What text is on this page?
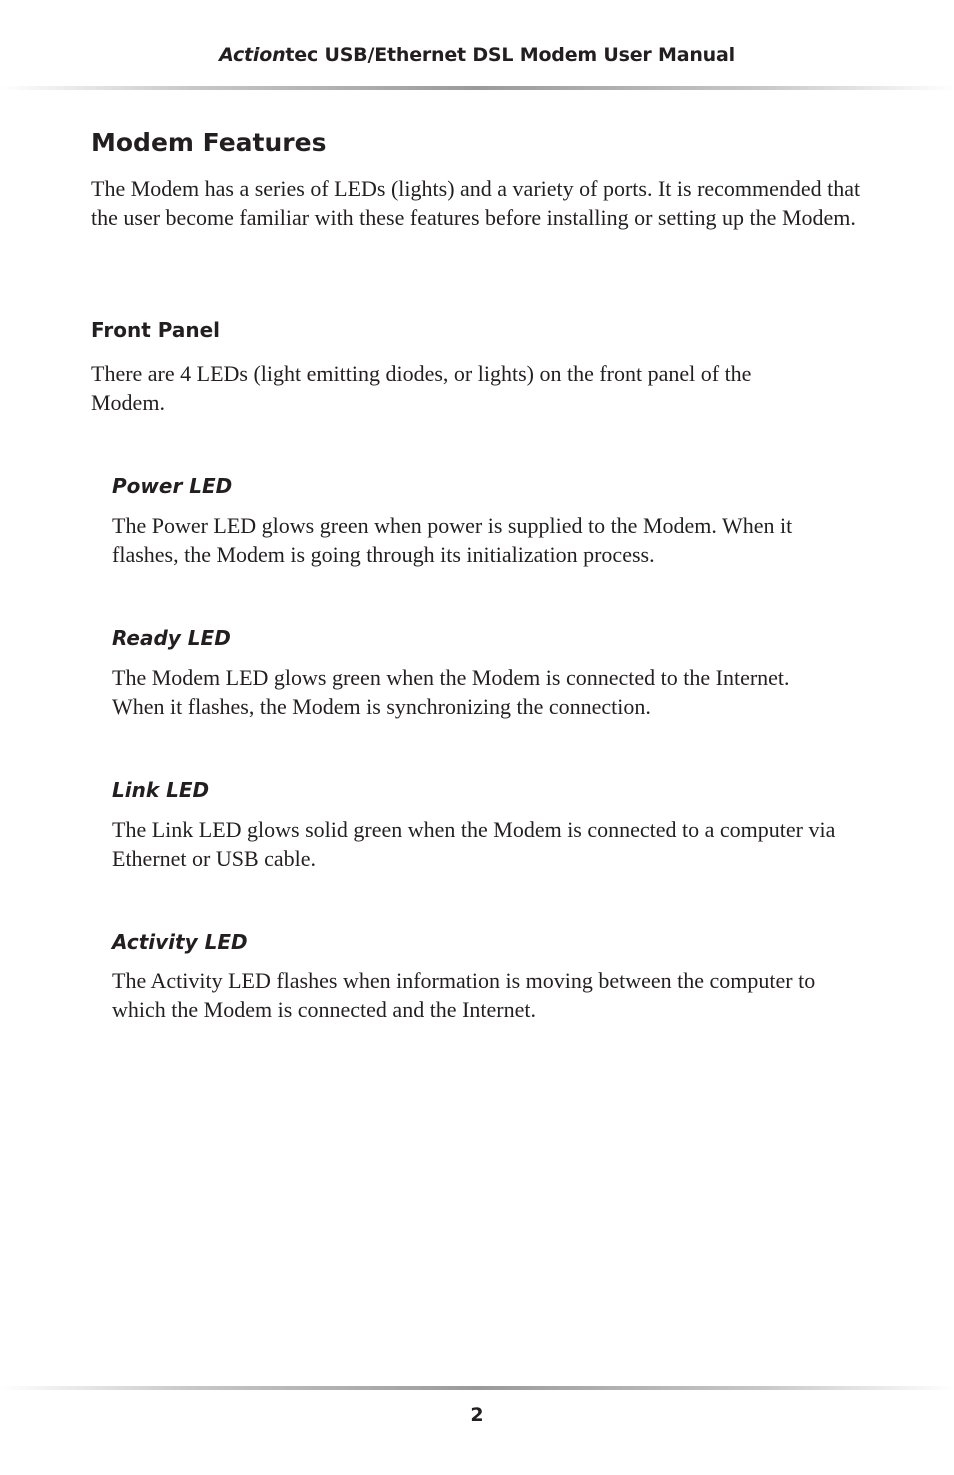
Actiontec USB/Ethernet DSL Modem User Manual
Modem Features

The Modem has a series of LEDs (lights) and a variety of ports. It is recommended that the user become familiar with these features before installing or setting up the Modem.

Front Panel

There are 4 LEDs (light emitting diodes, or lights) on the front panel of the Modem.

Power LED

The Power LED glows green when power is supplied to the Modem. When it flashes, the Modem is going through its initialization process.

Ready LED

The Modem LED glows green when the Modem is connected to the Internet. When it flashes, the Modem is synchronizing the connection.

Link LED

The Link LED glows solid green when the Modem is connected to a computer via Ethernet or USB cable.

Activity LED

The Activity LED flashes when information is moving between the computer to which the Modem is connected and the Internet.

2
